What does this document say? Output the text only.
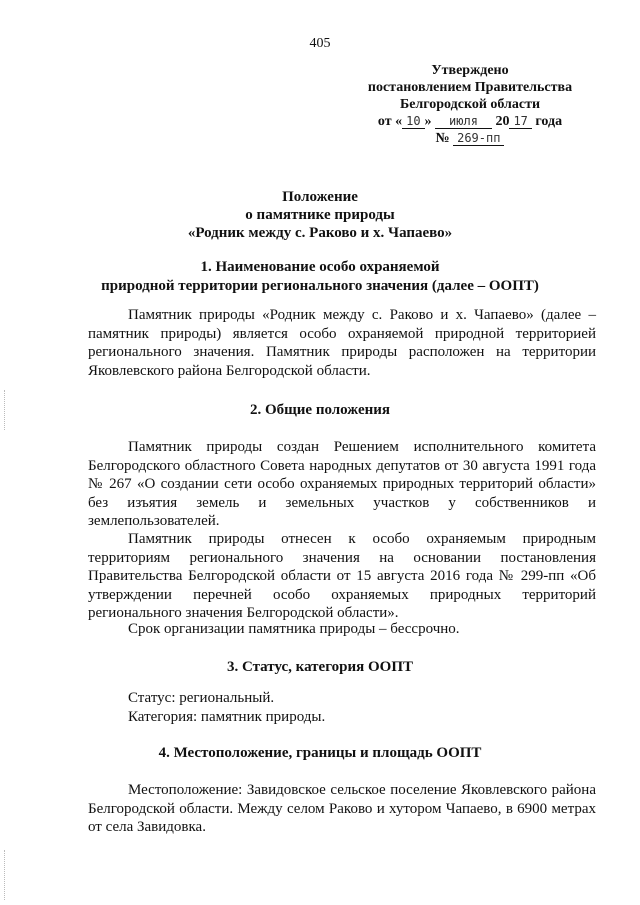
405
Утверждено
постановлением Правительства
Белгородской области
от « 10 » июля 20 17 года
№ 269-пп
Положение
о памятнике природы
«Родник между с. Раково и х. Чапаево»
1. Наименование особо охраняемой
природной территории регионального значения (далее – ООПТ)
Памятник природы «Родник между с. Раково и х. Чапаево» (далее – памятник природы) является особо охраняемой природной территорией регионального значения. Памятник природы расположен на территории Яковлевского района Белгородской области.
2. Общие положения
Памятник природы создан Решением исполнительного комитета Белгородского областного Совета народных депутатов от 30 августа 1991 года № 267 «О создании сети особо охраняемых природных территорий области» без изъятия земель и земельных участков у собственников и землепользователей.
Памятник природы отнесен к особо охраняемым природным территориям регионального значения на основании постановления Правительства Белгородской области от 15 августа 2016 года № 299-пп «Об утверждении перечней особо охраняемых природных территорий регионального значения Белгородской области».
Срок организации памятника природы – бессрочно.
3. Статус, категория ООПТ
Статус: региональный.
Категория: памятник природы.
4. Местоположение, границы и площадь ООПТ
Местоположение: Завидовское сельское поселение Яковлевского района Белгородской области. Между селом Раково и хутором Чапаево, в 6900 метрах от села Завидовка.
